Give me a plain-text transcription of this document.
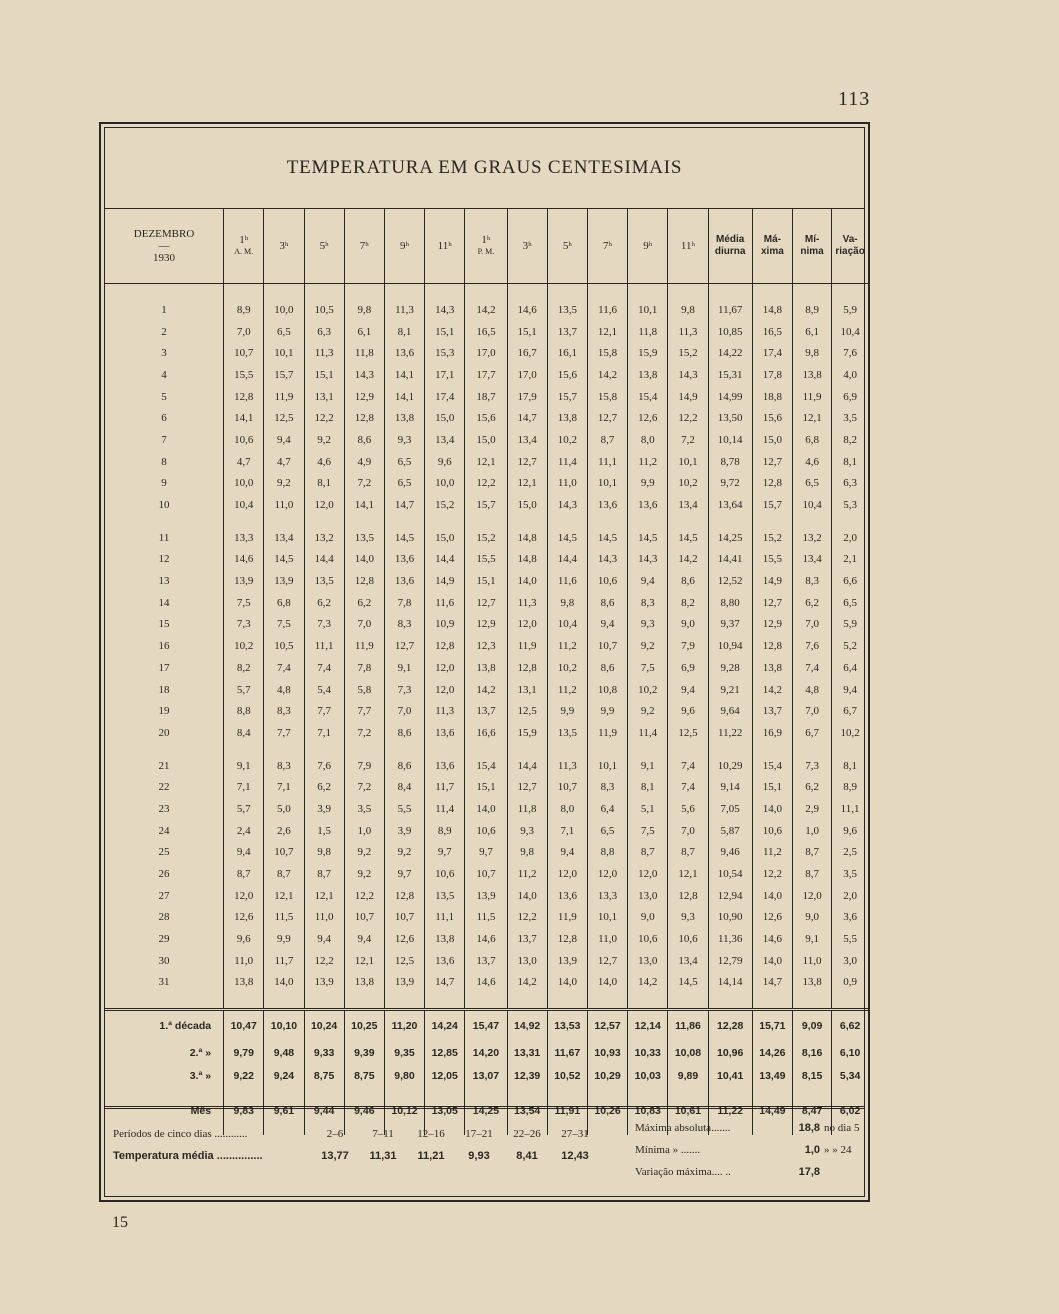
113
TEMPERATURA EM GRAUS CENTESIMAIS
DEZEMBRO
—
1930	1ʰ
A. M.	3ʰ	5ʰ	7ʰ	9ʰ	11ʰ	1ʰ
P. M.	3ʰ	5ʰ	7ʰ	9ʰ	11ʰ	Média
diurna	Má-
xima	Mí-
nima	Va-
riação

1	8,9	10,0	10,5	9,8	11,3	14,3	14,2	14,6	13,5	11,6	10,1	9,8	11,67	14,8	8,9	5,9
2	7,0	6,5	6,3	6,1	8,1	15,1	16,5	15,1	13,7	12,1	11,8	11,3	10,85	16,5	6,1	10,4
3	10,7	10,1	11,3	11,8	13,6	15,3	17,0	16,7	16,1	15,8	15,9	15,2	14,22	17,4	9,8	7,6
4	15,5	15,7	15,1	14,3	14,1	17,1	17,7	17,0	15,6	14,2	13,8	14,3	15,31	17,8	13,8	4,0
5	12,8	11,9	13,1	12,9	14,1	17,4	18,7	17,9	15,7	15,8	15,4	14,9	14,99	18,8	11,9	6,9
6	14,1	12,5	12,2	12,8	13,8	15,0	15,6	14,7	13,8	12,7	12,6	12,2	13,50	15,6	12,1	3,5
7	10,6	9,4	9,2	8,6	9,3	13,4	15,0	13,4	10,2	8,7	8,0	7,2	10,14	15,0	6,8	8,2
8	4,7	4,7	4,6	4,9	6,5	9,6	12,1	12,7	11,4	11,1	11,2	10,1	8,78	12,7	4,6	8,1
9	10,0	9,2	8,1	7,2	6,5	10,0	12,2	12,1	11,0	10,1	9,9	10,2	9,72	12,8	6,5	6,3
10	10,4	11,0	12,0	14,1	14,7	15,2	15,7	15,0	14,3	13,6	13,6	13,4	13,64	15,7	10,4	5,3

11	13,3	13,4	13,2	13,5	14,5	15,0	15,2	14,8	14,5	14,5	14,5	14,5	14,25	15,2	13,2	2,0
12	14,6	14,5	14,4	14,0	13,6	14,4	15,5	14,8	14,4	14,3	14,3	14,2	14,41	15,5	13,4	2,1
13	13,9	13,9	13,5	12,8	13,6	14,9	15,1	14,0	11,6	10,6	9,4	8,6	12,52	14,9	8,3	6,6
14	7,5	6,8	6,2	6,2	7,8	11,6	12,7	11,3	9,8	8,6	8,3	8,2	8,80	12,7	6,2	6,5
15	7,3	7,5	7,3	7,0	8,3	10,9	12,9	12,0	10,4	9,4	9,3	9,0	9,37	12,9	7,0	5,9
16	10,2	10,5	11,1	11,9	12,7	12,8	12,3	11,9	11,2	10,7	9,2	7,9	10,94	12,8	7,6	5,2
17	8,2	7,4	7,4	7,8	9,1	12,0	13,8	12,8	10,2	8,6	7,5	6,9	9,28	13,8	7,4	6,4
18	5,7	4,8	5,4	5,8	7,3	12,0	14,2	13,1	11,2	10,8	10,2	9,4	9,21	14,2	4,8	9,4
19	8,8	8,3	7,7	7,7	7,0	11,3	13,7	12,5	9,9	9,9	9,2	9,6	9,64	13,7	7,0	6,7
20	8,4	7,7	7,1	7,2	8,6	13,6	16,6	15,9	13,5	11,9	11,4	12,5	11,22	16,9	6,7	10,2

21	9,1	8,3	7,6	7,9	8,6	13,6	15,4	14,4	11,3	10,1	9,1	7,4	10,29	15,4	7,3	8,1
22	7,1	7,1	6,2	7,2	8,4	11,7	15,1	12,7	10,7	8,3	8,1	7,4	9,14	15,1	6,2	8,9
23	5,7	5,0	3,9	3,5	5,5	11,4	14,0	11,8	8,0	6,4	5,1	5,6	7,05	14,0	2,9	11,1
24	2,4	2,6	1,5	1,0	3,9	8,9	10,6	9,3	7,1	6,5	7,5	7,0	5,87	10,6	1,0	9,6
25	9,4	10,7	9,8	9,2	9,2	9,7	9,7	9,8	9,4	8,8	8,7	8,7	9,46	11,2	8,7	2,5
26	8,7	8,7	8,7	9,2	9,7	10,6	10,7	11,2	12,0	12,0	12,0	12,1	10,54	12,2	8,7	3,5
27	12,0	12,1	12,1	12,2	12,8	13,5	13,9	14,0	13,6	13,3	13,0	12,8	12,94	14,0	12,0	2,0
28	12,6	11,5	11,0	10,7	10,7	11,1	11,5	12,2	11,9	10,1	9,0	9,3	10,90	12,6	9,0	3,6
29	9,6	9,9	9,4	9,4	12,6	13,8	14,6	13,7	12,8	11,0	10,6	10,6	11,36	14,6	9,1	5,5
30	11,0	11,7	12,2	12,1	12,5	13,6	13,7	13,0	13,9	12,7	13,0	13,4	12,79	14,0	11,0	3,0
31	13,8	14,0	13,9	13,8	13,9	14,7	14,6	14,2	14,0	14,0	14,2	14,5	14,14	14,7	13,8	0,9

1.ª década	10,47	10,10	10,24	10,25	11,20	14,24	15,47	14,92	13,53	12,57	12,14	11,86	12,28	15,71	9,09	6,62
2.ª »	9,79	9,48	9,33	9,39	9,35	12,85	14,20	13,31	11,67	10,93	10,33	10,08	10,96	14,26	8,16	6,10
3.ª »	9,22	9,24	8,75	8,75	9,80	12,05	13,07	12,39	10,52	10,29	10,03	9,89	10,41	13,49	8,15	5,34

Mês	9,83	9,61	9,44	9,46	10,12	13,05	14,25	13,54	11,91	10,26	10,83	10,61	11,22	14,49	8,47	6,02

Períodos de cinco dias ............	2–6	7–11	12–16	17–21	22–26	27–31
Temperatura média ...............	13,77	11,31	11,21	9,93	8,41	12,43
Máxima absoluta.......	18,8 no dia 5
Mínima » .......	1,0 » » 24
Variação máxima.... ..	17,8
15
